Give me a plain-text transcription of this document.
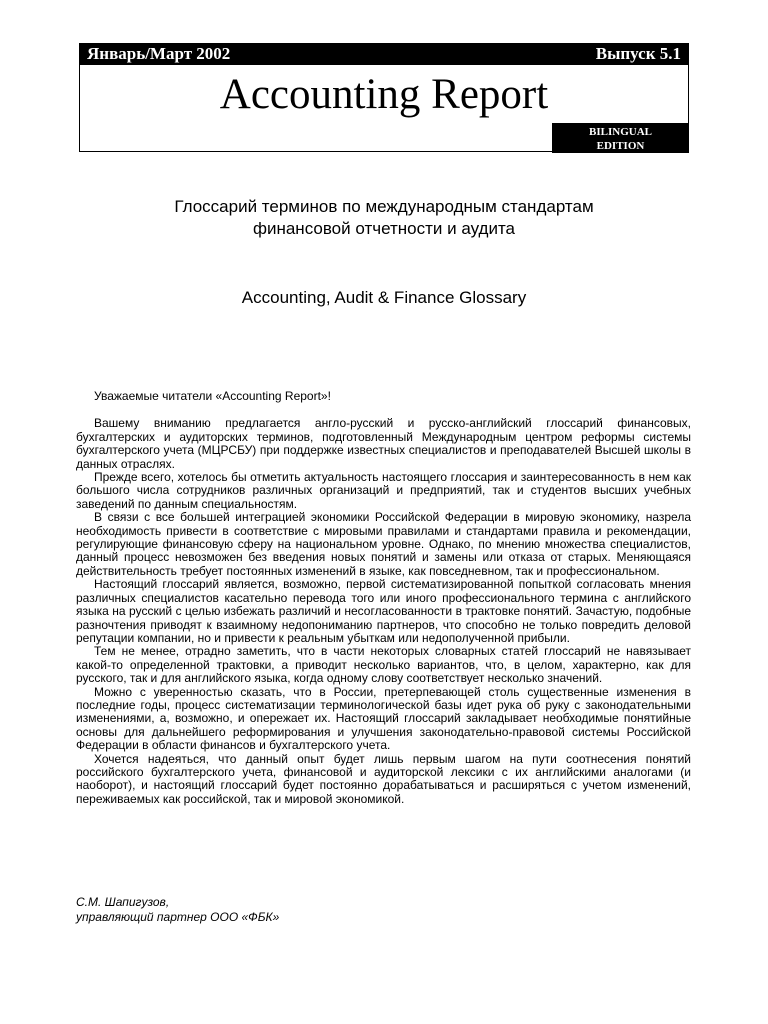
Январь/Март 2002	Выпуск 5.1
Accounting Report
BILINGUAL
EDITION
Глоссарий терминов по международным стандартам
финансовой отчетности и аудита
Accounting, Audit & Finance Glossary

Уважаемые читатели «Accounting Report»!

Вашему вниманию предлагается англо-русский и русско-английский глоссарий финансовых, бухгалтерских и аудиторских терминов, подготовленный Международным центром реформы системы бухгалтерского учета (МЦРСБУ) при поддержке известных специалистов и преподавателей Высшей школы в данных отраслях.

Прежде всего, хотелось бы отметить актуальность настоящего глоссария и заинтересованность в нем как большого числа сотрудников различных организаций и предприятий, так и студентов высших учебных заведений по данным специальностям.

В связи с все большей интеграцией экономики Российской Федерации в мировую экономику, назрела необходимость привести в соответствие с мировыми правилами и стандартами правила и рекомендации, регулирующие финансовую сферу на национальном уровне. Однако, по мнению множества специалистов, данный процесс невозможен без введения новых понятий и замены или отказа от старых. Меняющаяся действительность требует постоянных изменений в языке, как повседневном, так и профессиональном.

Настоящий глоссарий является, возможно, первой систематизированной попыткой согласовать мнения различных специалистов касательно перевода того или иного профессионального термина с английского языка на русский с целью избежать различий и несогласованности в трактовке понятий. Зачастую, подобные разночтения приводят к взаимному недопониманию партнеров, что способно не только повредить деловой репутации компании, но и привести к реальным убыткам или недополученной прибыли.

Тем не менее, отрадно заметить, что в части некоторых словарных статей глоссарий не навязывает какой-то определенной трактовки, а приводит несколько вариантов, что, в целом, характерно, как для русского, так и для английского языка, когда одному слову соответствует несколько значений.

Можно с уверенностью сказать, что в России, претерпевающей столь существенные изменения в последние годы, процесс систематизации терминологической базы идет рука об руку с законодательными изменениями, а, возможно, и опережает их. Настоящий глоссарий закладывает необходимые понятийные основы для дальнейшего реформирования и улучшения законодательно-правовой системы Российской Федерации в области финансов и бухгалтерского учета.

Хочется надеяться, что данный опыт будет лишь первым шагом на пути соотнесения понятий российского бухгалтерского учета, финансовой и аудиторской лексики с их английскими аналогами (и наоборот), и настоящий глоссарий будет постоянно дорабатываться и расширяться с учетом изменений, переживаемых как российской, так и мировой экономикой.

С.М. Шапигузов,
управляющий партнер ООО «ФБК»
